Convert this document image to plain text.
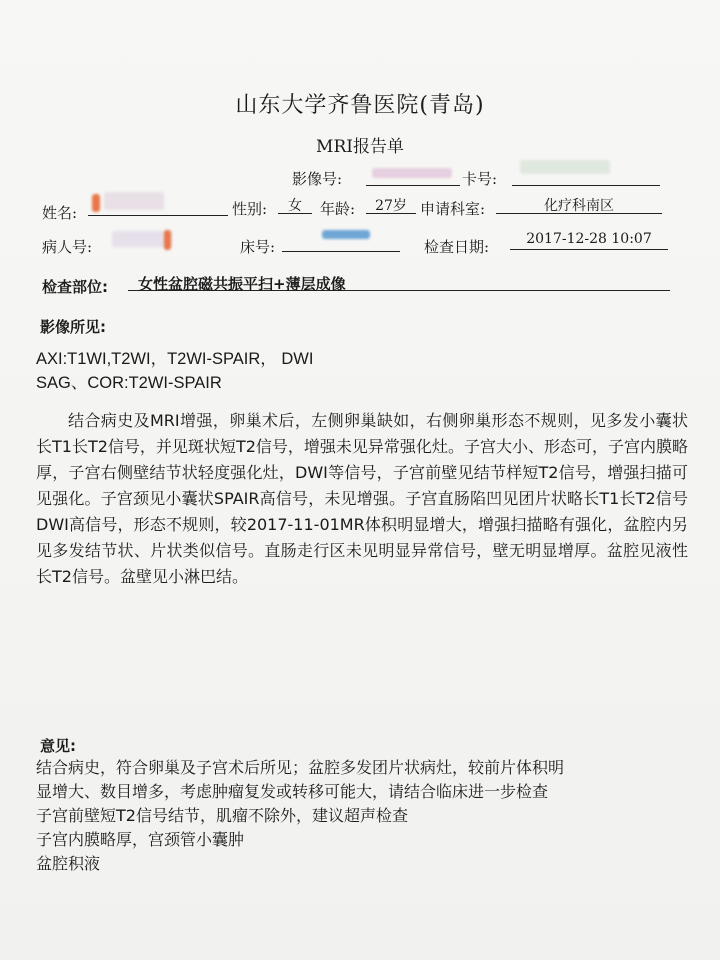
山东大学齐鲁医院(青岛)
MRI报告单
影像号:	卡号:
姓名:	性别:	女	年龄:	27岁 申请科室:	化疗科南区
病人号:	床号:	检查日期:	2017-12-28 10:07
检查部位:	女性盆腔磁共振平扫+薄层成像
影像所见:
AXI:T1WI,T2WI，T2WI-SPAIR， DWI
SAG、COR:T2WI-SPAIR
结合病史及MRI增强，卵巢术后，左侧卵巢缺如，右侧卵巢形态不规则，见多发小囊状长T1长T2信号，并见斑状短T2信号，增强未见异常强化灶。子宫大小、形态可，子宫内膜略厚，子宫右侧壁结节状轻度强化灶，DWI等信号，子宫前壁见结节样短T2信号，增强扫描可见强化。子宫颈见小囊状SPAIR高信号，未见增强。子宫直肠陷凹见团片状略长T1长T2信号DWI高信号，形态不规则，较2017-11-01MR体积明显增大，增强扫描略有强化，盆腔内另见多发结节状、片状类似信号。直肠走行区未见明显异常信号，壁无明显增厚。盆腔见液性长T2信号。盆壁见小淋巴结。
意见:
结合病史，符合卵巢及子宫术后所见；盆腔多发团片状病灶，较前片体积明
显增大、数目增多，考虑肿瘤复发或转移可能大，请结合临床进一步检查
子宫前壁短T2信号结节，肌瘤不除外，建议超声检查
子宫内膜略厚，宫颈管小囊肿
盆腔积液
